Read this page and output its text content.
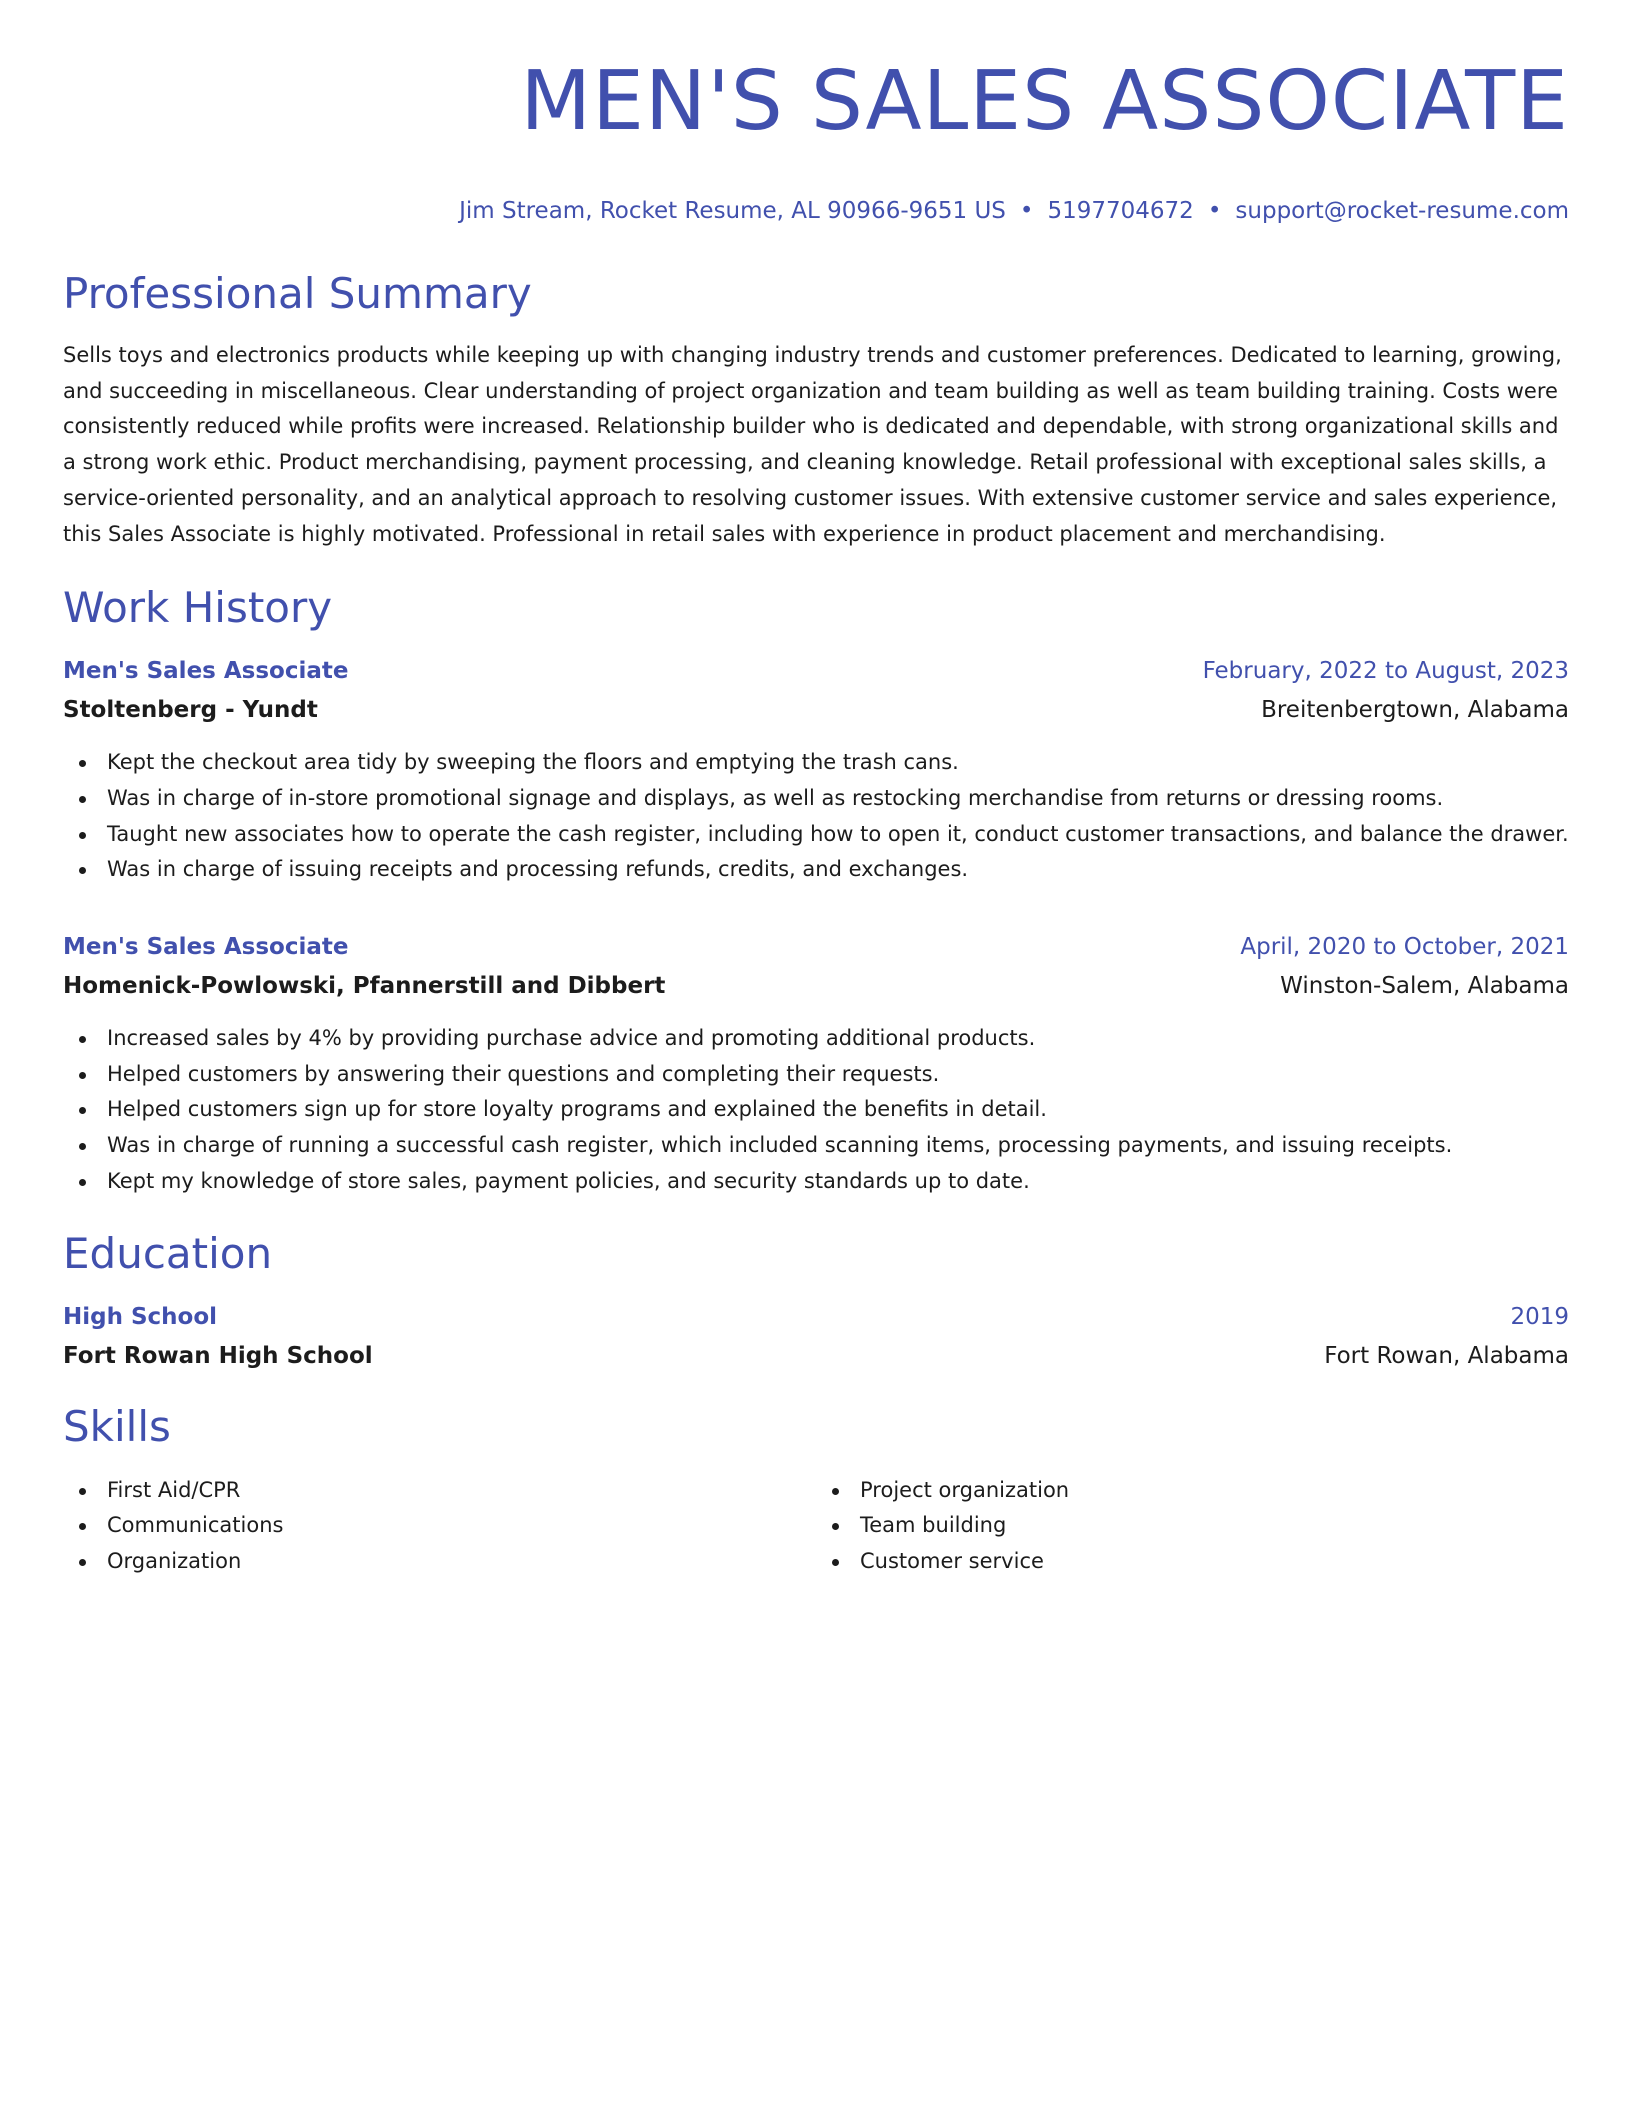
MEN'S SALES ASSOCIATE
Jim Stream, Rocket Resume, AL 90966-9651 US • 5197704672 • support@rocket-resume.com
Professional Summary

Sells toys and electronics products while keeping up with changing industry trends and customer preferences. Dedicated to learning, growing, and succeeding in miscellaneous. Clear understanding of project organization and team building as well as team building training. Costs were consistently reduced while profits were increased. Relationship builder who is dedicated and dependable, with strong organizational skills and a strong work ethic. Product merchandising, payment processing, and cleaning knowledge. Retail professional with exceptional sales skills, a service-oriented personality, and an analytical approach to resolving customer issues. With extensive customer service and sales experience, this Sales Associate is highly motivated. Professional in retail sales with experience in product placement and merchandising.

Work History
Men's Sales Associate	February, 2022 to August, 2023
Stoltenberg - Yundt	Breitenbergtown, Alabama
Kept the checkout area tidy by sweeping the floors and emptying the trash cans.
Was in charge of in-store promotional signage and displays, as well as restocking merchandise from returns or dressing rooms.
Taught new associates how to operate the cash register, including how to open it, conduct customer transactions, and balance the drawer.
Was in charge of issuing receipts and processing refunds, credits, and exchanges.
Men's Sales Associate	April, 2020 to October, 2021
Homenick-Powlowski, Pfannerstill and Dibbert	Winston-Salem, Alabama
Increased sales by 4% by providing purchase advice and promoting additional products.
Helped customers by answering their questions and completing their requests.
Helped customers sign up for store loyalty programs and explained the benefits in detail.
Was in charge of running a successful cash register, which included scanning items, processing payments, and issuing receipts.
Kept my knowledge of store sales, payment policies, and security standards up to date.
Education
High School	2019
Fort Rowan High School	Fort Rowan, Alabama
Skills
First Aid/CPR
Communications
Organization
Project organization
Team building
Customer service
